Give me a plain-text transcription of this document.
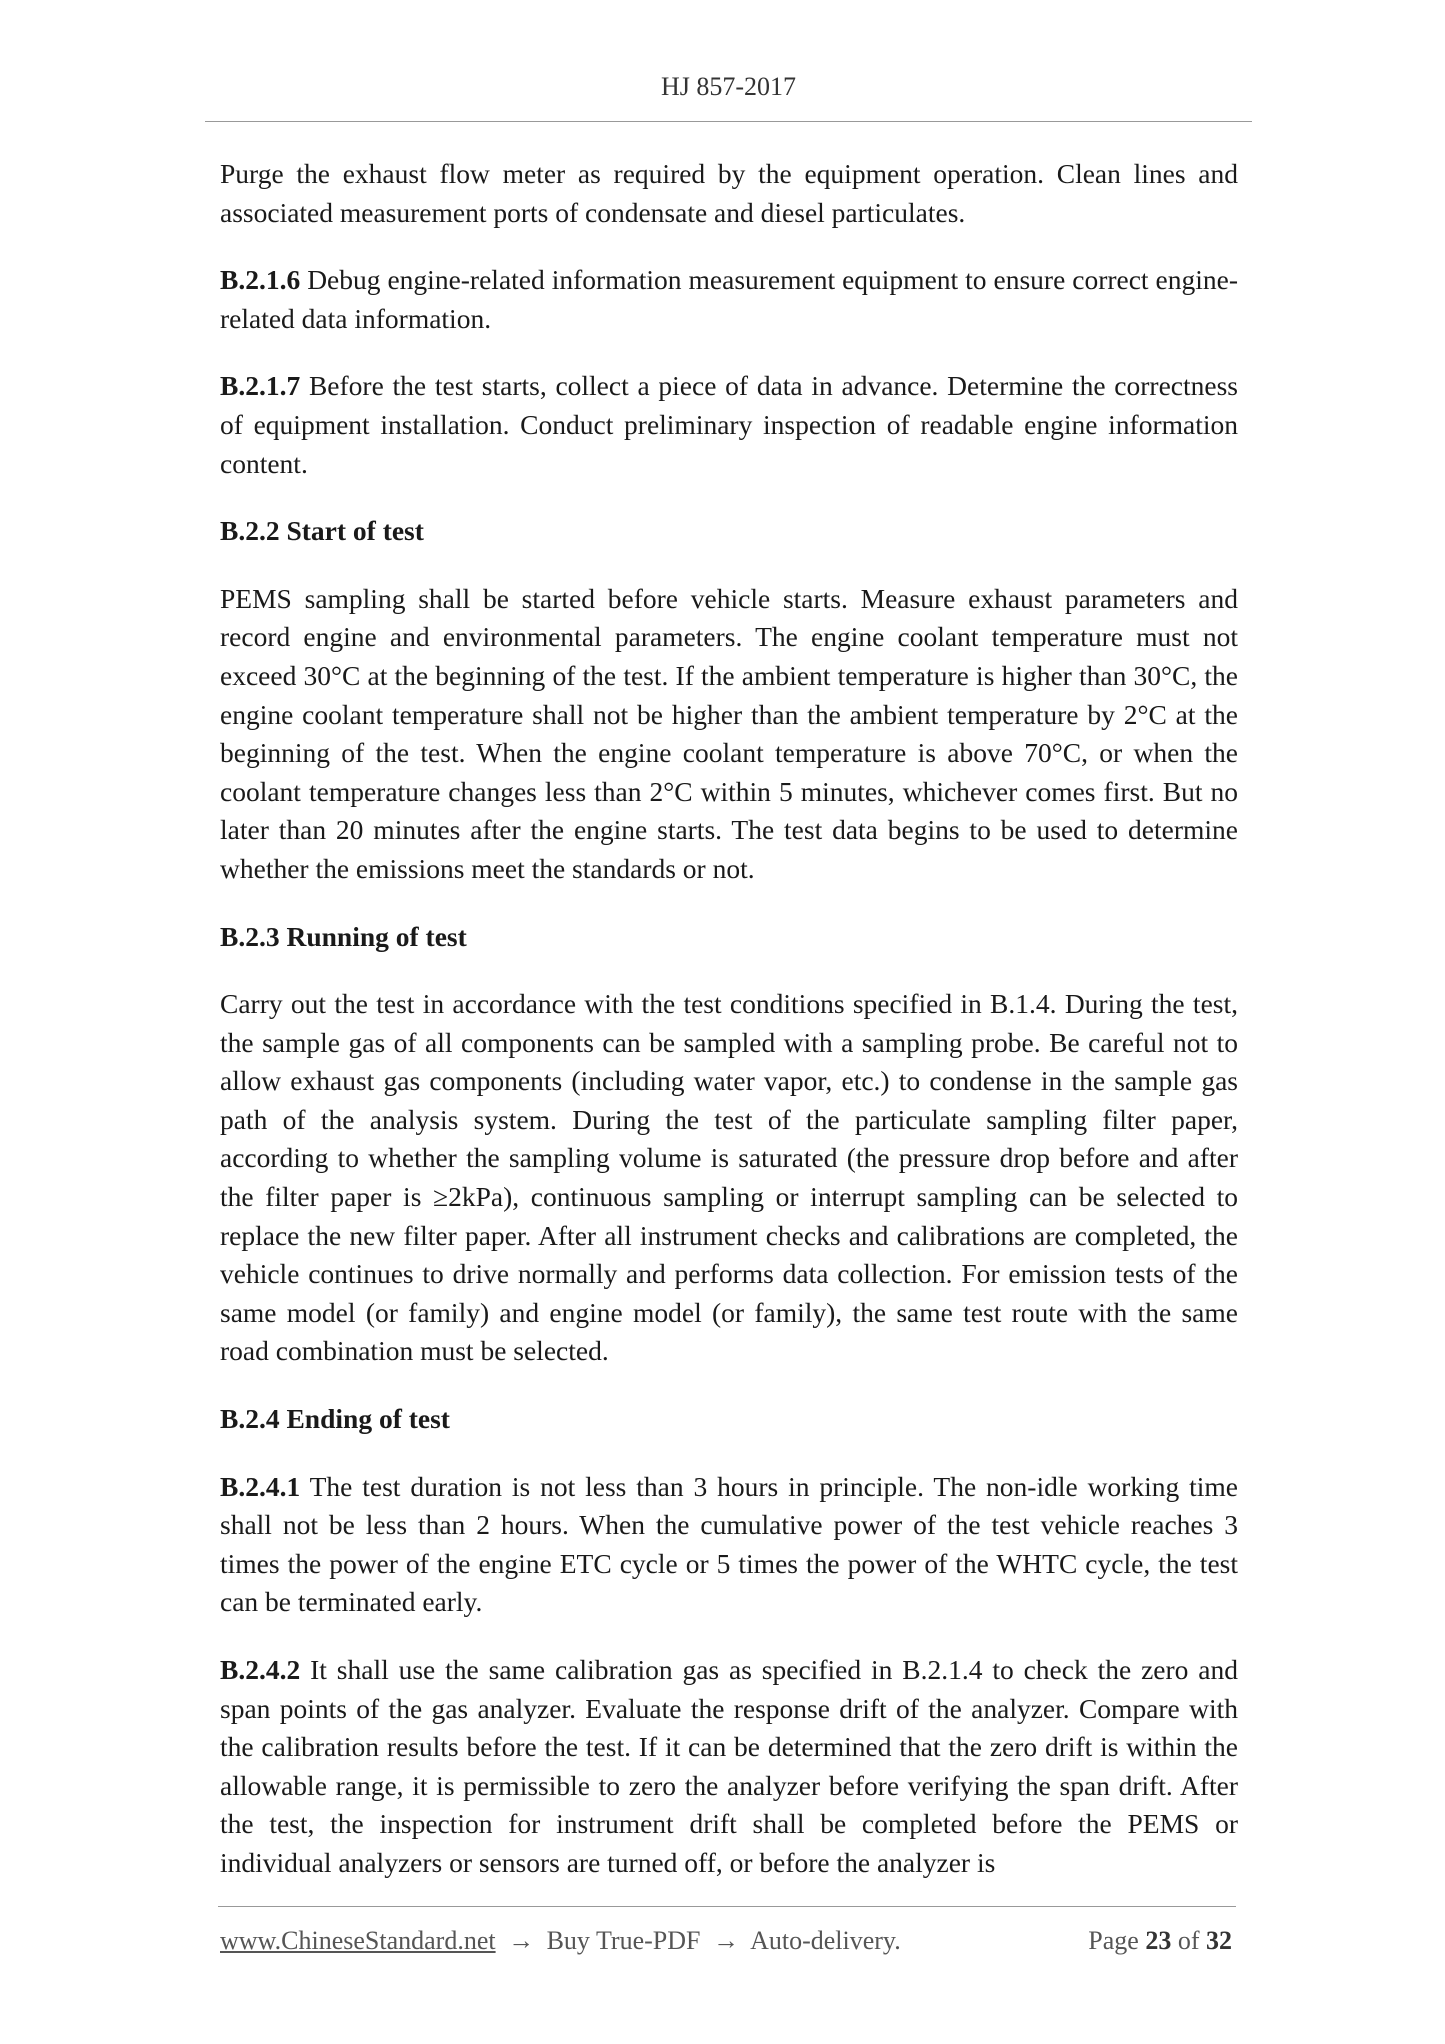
HJ 857-2017

Purge the exhaust flow meter as required by the equipment operation. Clean lines and associated measurement ports of condensate and diesel particulates.

B.2.1.6 Debug engine-related information measurement equipment to ensure correct engine-related data information.

B.2.1.7 Before the test starts, collect a piece of data in advance. Determine the correctness of equipment installation. Conduct preliminary inspection of readable engine information content.

B.2.2 Start of test

PEMS sampling shall be started before vehicle starts. Measure exhaust parameters and record engine and environmental parameters. The engine coolant temperature must not exceed 30°C at the beginning of the test. If the ambient temperature is higher than 30°C, the engine coolant temperature shall not be higher than the ambient temperature by 2°C at the beginning of the test. When the engine coolant temperature is above 70°C, or when the coolant temperature changes less than 2°C within 5 minutes, whichever comes first. But no later than 20 minutes after the engine starts. The test data begins to be used to determine whether the emissions meet the standards or not.

B.2.3 Running of test

Carry out the test in accordance with the test conditions specified in B.1.4. During the test, the sample gas of all components can be sampled with a sampling probe. Be careful not to allow exhaust gas components (including water vapor, etc.) to condense in the sample gas path of the analysis system. During the test of the particulate sampling filter paper, according to whether the sampling volume is saturated (the pressure drop before and after the filter paper is ≥2kPa), continuous sampling or interrupt sampling can be selected to replace the new filter paper. After all instrument checks and calibrations are completed, the vehicle continues to drive normally and performs data collection. For emission tests of the same model (or family) and engine model (or family), the same test route with the same road combination must be selected.

B.2.4 Ending of test

B.2.4.1 The test duration is not less than 3 hours in principle. The non-idle working time shall not be less than 2 hours. When the cumulative power of the test vehicle reaches 3 times the power of the engine ETC cycle or 5 times the power of the WHTC cycle, the test can be terminated early.

B.2.4.2 It shall use the same calibration gas as specified in B.2.1.4 to check the zero and span points of the gas analyzer. Evaluate the response drift of the analyzer. Compare with the calibration results before the test. If it can be determined that the zero drift is within the allowable range, it is permissible to zero the analyzer before verifying the span drift. After the test, the inspection for instrument drift shall be completed before the PEMS or individual analyzers or sensors are turned off, or before the analyzer is

www.ChineseStandard.net → Buy True-PDF → Auto-delivery.	Page 23 of 32
